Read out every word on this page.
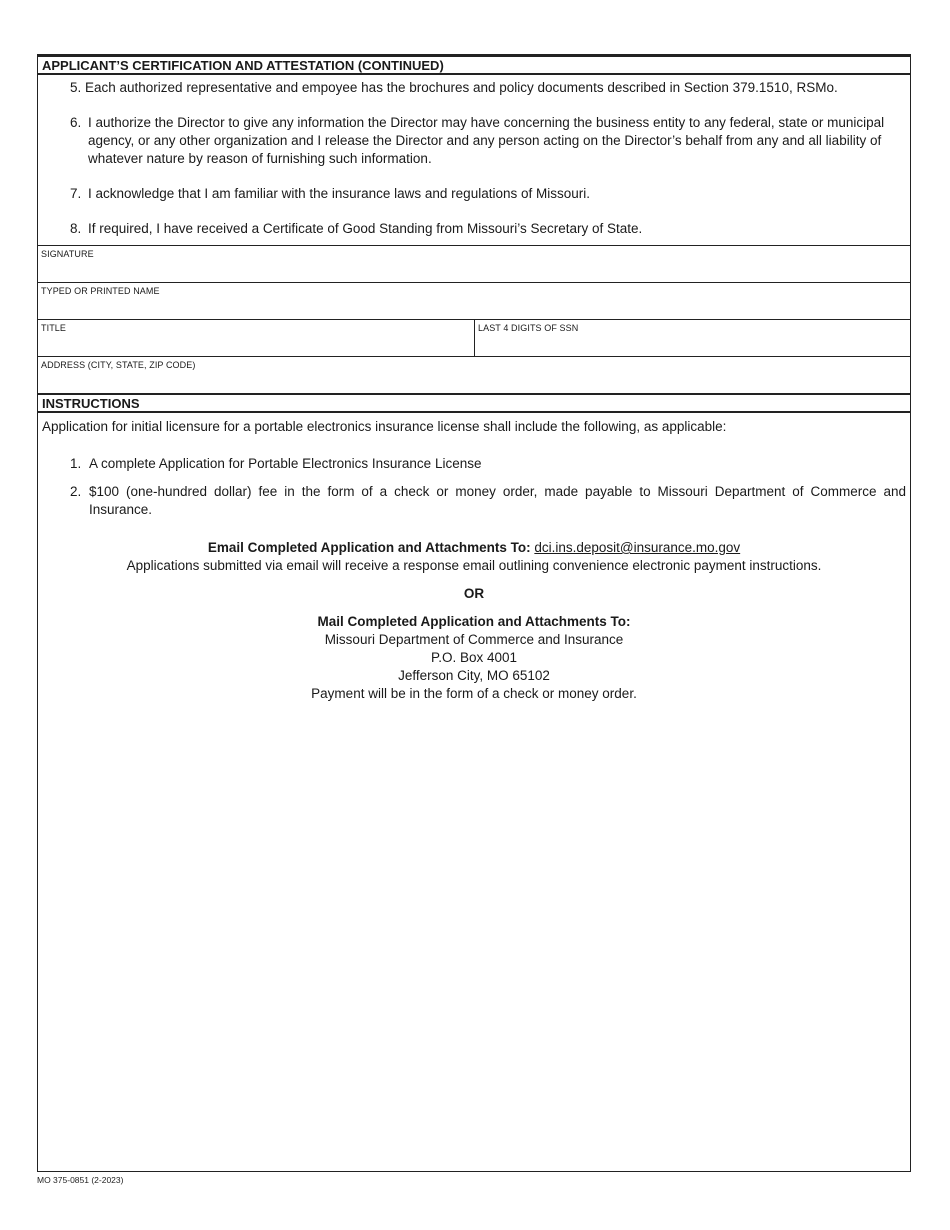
APPLICANT’S CERTIFICATION AND ATTESTATION (CONTINUED)
5. Each authorized representative and empoyee has the brochures and policy documents described in Section 379.1510, RSMo.
6. I authorize the Director to give any information the Director may have concerning the business entity to any federal, state or municipal agency, or any other organization and I release the Director and any person acting on the Director’s behalf from any and all liability of whatever nature by reason of furnishing such information.
7. I acknowledge that I am familiar with the insurance laws and regulations of Missouri.
8. If required, I have received a Certificate of Good Standing from Missouri’s Secretary of State.
SIGNATURE
TYPED OR PRINTED NAME
TITLE	LAST 4 DIGITS OF SSN
ADDRESS (CITY, STATE, ZIP CODE)
INSTRUCTIONS
Application for initial licensure for a portable electronics insurance license shall include the following, as applicable:
1. A complete Application for Portable Electronics Insurance License
2. $100 (one-hundred dollar) fee in the form of a check or money order, made payable to Missouri Department of Commerce and Insurance.
Email Completed Application and Attachments To: dci.ins.deposit@insurance.mo.gov
Applications submitted via email will receive a response email outlining convenience electronic payment instructions.
OR
Mail Completed Application and Attachments To:
Missouri Department of Commerce and Insurance
P.O. Box 4001
Jefferson City, MO 65102
Payment will be in the form of a check or money order.
MO 375-0851 (2-2023)
